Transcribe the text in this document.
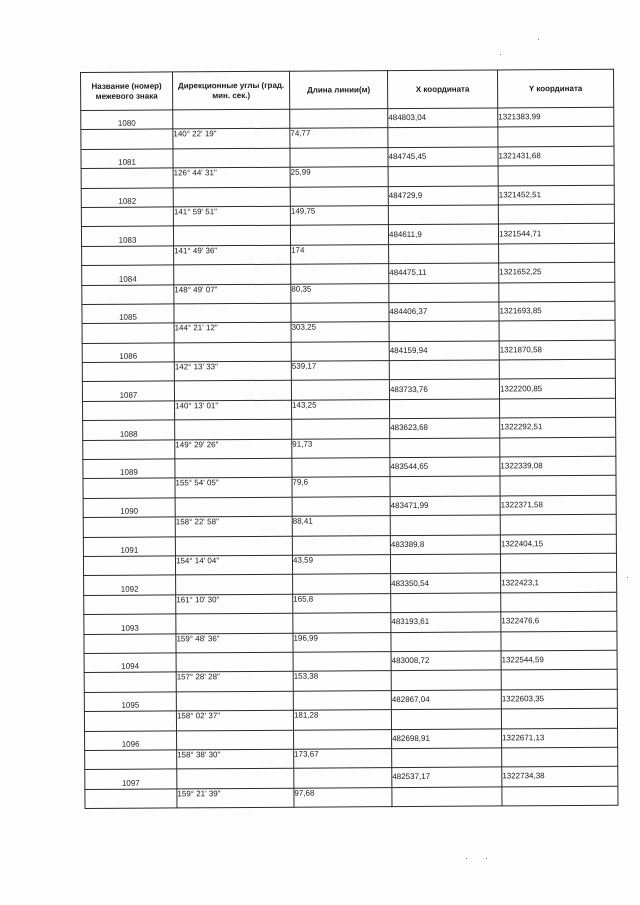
Название (номер) межевого знака	Дирекционные углы (град. мин. сек.)	Длина линии(м)	X координата	Y координата
1080			484803,04	1321383,99
	140° 22' 19"	74,77		
1081			484745,45	1321431,68
	126° 44' 31"	25,99		
1082			484729,9	1321452,51
	141° 59' 51"	149,75		
1083			484611,9	1321544,71
	141° 49' 36"	174		
1084			484475,11	1321652,25
	148° 49' 07"	80,35		
1085			484406,37	1321693,85
	144° 21' 12"	303,25		
1086			484159,94	1321870,58
	142° 13' 33"	539,17		
1087			483733,76	1322200,85
	140° 13' 01"	143,25		
1088			483623,68	1322292,51
	149° 29' 26"	91,73		
1089			483544,65	1322339,08
	155° 54' 05"	79,6		
1090			483471,99	1322371,58
	158° 22' 58"	88,41		
1091			483389,8	1322404,15
	154° 14' 04"	43,59		
1092			483350,54	1322423,1
	161° 10' 30"	165,8		
1093			483193,61	1322476,6
	159° 48' 36"	196,99		
1094			483008,72	1322544,59
	157° 28' 28"	153,38		
1095			482867,04	1322603,35
	158° 02' 37"	181,28		
1096			482698,91	1322671,13
	158° 38' 30"	173,67		
1097			482537,17	1322734,38
	159° 21' 39"	97,68		
